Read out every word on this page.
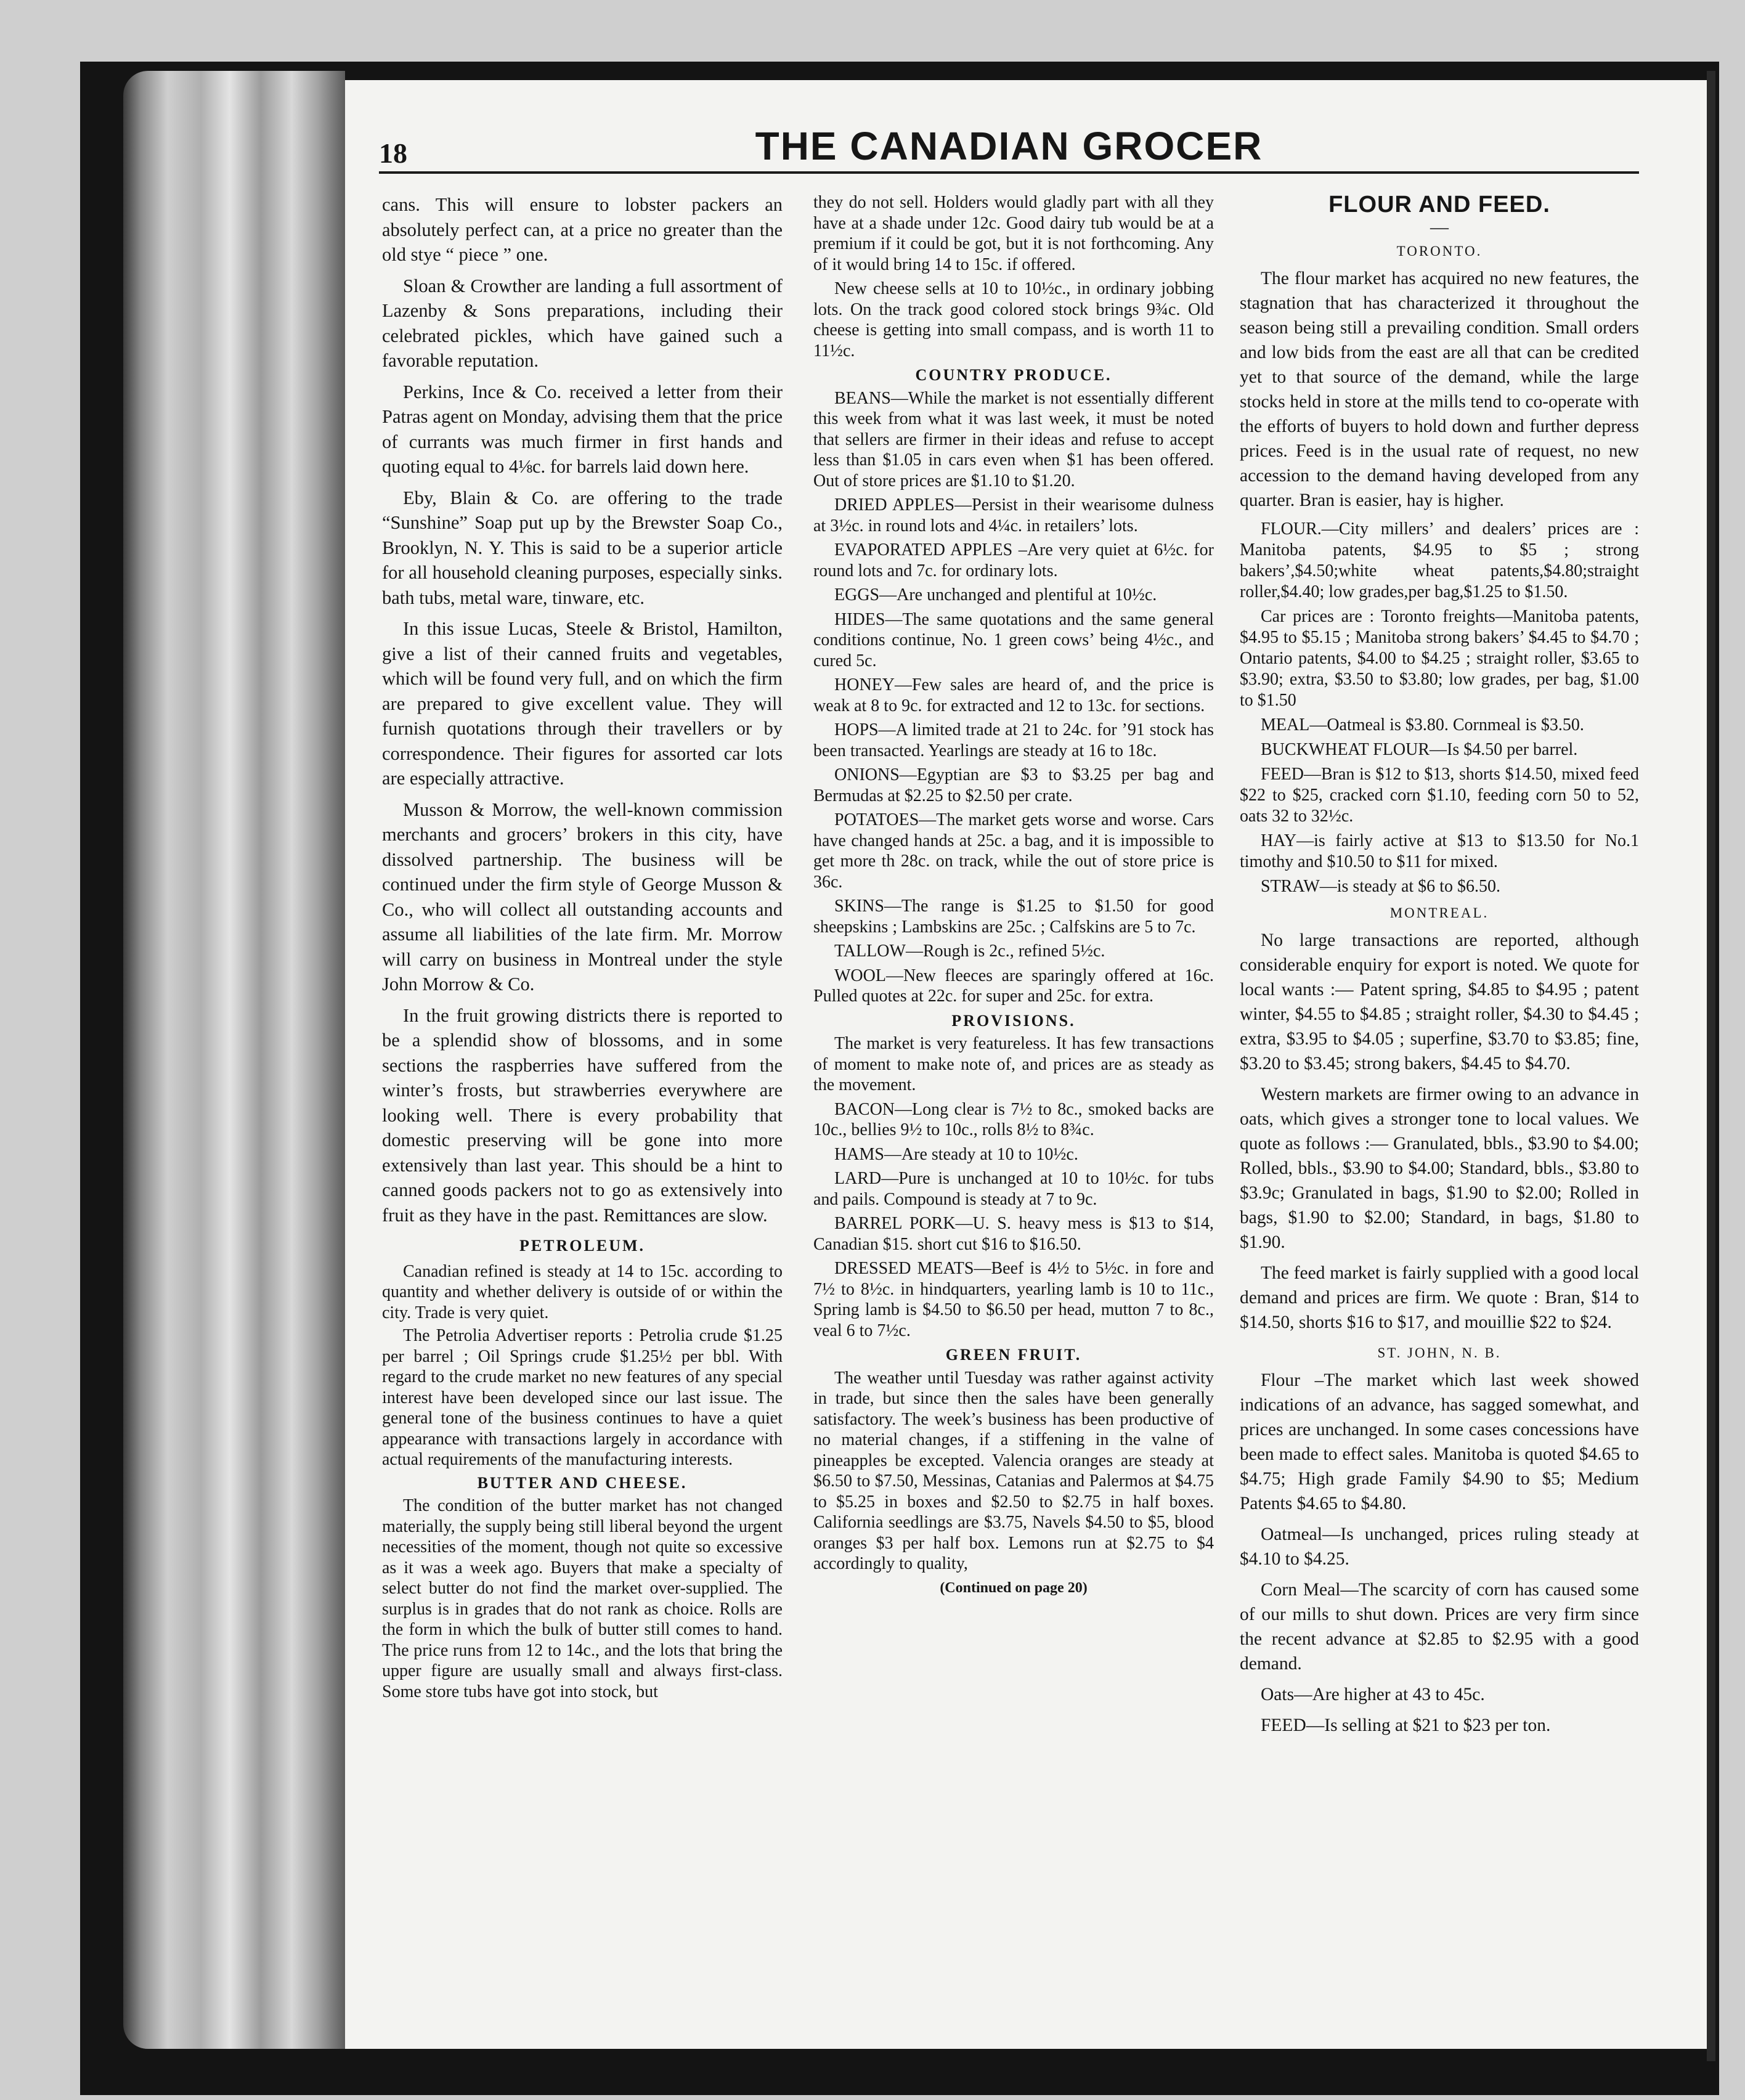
18	THE CANADIAN GROCER

cans. This will ensure to lobster packers an absolutely perfect can, at a price no greater than the old stye “ piece ” one.

Sloan & Crowther are landing a full assortment of Lazenby & Sons preparations, including their celebrated pickles, which have gained such a favorable reputation.

Perkins, Ince & Co. received a letter from their Patras agent on Monday, advising them that the price of currants was much firmer in first hands and quoting equal to 4⅛c. for barrels laid down here.

Eby, Blain & Co. are offering to the trade “Sunshine” Soap put up by the Brewster Soap Co., Brooklyn, N. Y. This is said to be a superior article for all household cleaning purposes, especially sinks. bath tubs, metal ware, tinware, etc.

In this issue Lucas, Steele & Bristol, Hamilton, give a list of their canned fruits and vegetables, which will be found very full, and on which the firm are prepared to give excellent value. They will furnish quotations through their travellers or by correspondence. Their figures for assorted car lots are especially attractive.

Musson & Morrow, the well-known commission merchants and grocers’ brokers in this city, have dissolved partnership. The business will be continued under the firm style of George Musson & Co., who will collect all outstanding accounts and assume all liabilities of the late firm. Mr. Morrow will carry on business in Montreal under the style John Morrow & Co.

In the fruit growing districts there is reported to be a splendid show of blossoms, and in some sections the raspberries have suffered from the winter’s frosts, but strawberries everywhere are looking well. There is every probability that domestic preserving will be gone into more extensively than last year. This should be a hint to canned goods packers not to go as extensively into fruit as they have in the past. Remittances are slow.

PETROLEUM.

Canadian refined is steady at 14 to 15c. according to quantity and whether delivery is outside of or within the city. Trade is very quiet.

The Petrolia Advertiser reports : Petrolia crude $1.25 per barrel ; Oil Springs crude $1.25½ per bbl. With regard to the crude market no new features of any special interest have been developed since our last issue. The general tone of the business continues to have a quiet appearance with transactions largely in accordance with actual requirements of the manufacturing interests.

BUTTER AND CHEESE.

The condition of the butter market has not changed materially, the supply being still liberal beyond the urgent necessities of the moment, though not quite so excessive as it was a week ago. Buyers that make a specialty of select butter do not find the market over-supplied. The surplus is in grades that do not rank as choice. Rolls are the form in which the bulk of butter still comes to hand. The price runs from 12 to 14c., and the lots that bring the upper figure are usually small and always first-class. Some store tubs have got into stock, but

they do not sell. Holders would gladly part with all they have at a shade under 12c. Good dairy tub would be at a premium if it could be got, but it is not forthcoming. Any of it would bring 14 to 15c. if offered.

New cheese sells at 10 to 10½c., in ordinary jobbing lots. On the track good colored stock brings 9¾c. Old cheese is getting into small compass, and is worth 11 to 11½c.

COUNTRY PRODUCE.

BEANS—While the market is not essentially different this week from what it was last week, it must be noted that sellers are firmer in their ideas and refuse to accept less than $1.05 in cars even when $1 has been offered. Out of store prices are $1.10 to $1.20.

DRIED APPLES—Persist in their wearisome dulness at 3½c. in round lots and 4¼c. in retailers’ lots.

EVAPORATED APPLES –Are very quiet at 6½c. for round lots and 7c. for ordinary lots.

EGGS—Are unchanged and plentiful at 10½c.

HIDES—The same quotations and the same general conditions continue, No. 1 green cows’ being 4½c., and cured 5c.

HONEY—Few sales are heard of, and the price is weak at 8 to 9c. for extracted and 12 to 13c. for sections.

HOPS—A limited trade at 21 to 24c. for ’91 stock has been transacted. Yearlings are steady at 16 to 18c.

ONIONS—Egyptian are $3 to $3.25 per bag and Bermudas at $2.25 to $2.50 per crate.

POTATOES—The market gets worse and worse. Cars have changed hands at 25c. a bag, and it is impossible to get more th 28c. on track, while the out of store price is 36c.

SKINS—The range is $1.25 to $1.50 for good sheepskins ; Lambskins are 25c. ; Calfskins are 5 to 7c.

TALLOW—Rough is 2c., refined 5½c.

WOOL—New fleeces are sparingly offered at 16c. Pulled quotes at 22c. for super and 25c. for extra.

PROVISIONS.

The market is very featureless. It has few transactions of moment to make note of, and prices are as steady as the movement.

BACON—Long clear is 7½ to 8c., smoked backs are 10c., bellies 9½ to 10c., rolls 8½ to 8¾c.

HAMS—Are steady at 10 to 10½c.

LARD—Pure is unchanged at 10 to 10½c. for tubs and pails. Compound is steady at 7 to 9c.

BARREL PORK—U. S. heavy mess is $13 to $14, Canadian $15. short cut $16 to $16.50.

DRESSED MEATS—Beef is 4½ to 5½c. in fore and 7½ to 8½c. in hindquarters, yearling lamb is 10 to 11c., Spring lamb is $4.50 to $6.50 per head, mutton 7 to 8c., veal 6 to 7½c.

GREEN FRUIT.

The weather until Tuesday was rather against activity in trade, but since then the sales have been generally satisfactory. The week’s business has been productive of no material changes, if a stiffening in the valne of pineapples be excepted. Valencia oranges are steady at $6.50 to $7.50, Messinas, Catanias and Palermos at $4.75 to $5.25 in boxes and $2.50 to $2.75 in half boxes. California seedlings are $3.75, Navels $4.50 to $5, blood oranges $3 per half box. Lemons run at $2.75 to $4 accordingly to quality,

(Continued on page 20)
FLOUR AND FEED.
—
TORONTO.

The flour market has acquired no new features, the stagnation that has characterized it throughout the season being still a prevailing condition. Small orders and low bids from the east are all that can be credited yet to that source of the demand, while the large stocks held in store at the mills tend to co-operate with the efforts of buyers to hold down and further depress prices. Feed is in the usual rate of request, no new accession to the demand having developed from any quarter. Bran is easier, hay is higher.

FLOUR.—City millers’ and dealers’ prices are : Manitoba patents, $4.95 to $5 ; strong bakers’,$4.50;white wheat patents,$4.80;straight roller,$4.40; low grades,per bag,$1.25 to $1.50.

Car prices are : Toronto freights—Manitoba patents, $4.95 to $5.15 ; Manitoba strong bakers’ $4.45 to $4.70 ; Ontario patents, $4.00 to $4.25 ; straight roller, $3.65 to $3.90; extra, $3.50 to $3.80; low grades, per bag, $1.00 to $1.50

MEAL—Oatmeal is $3.80. Cornmeal is $3.50.

BUCKWHEAT FLOUR—Is $4.50 per barrel.

FEED—Bran is $12 to $13, shorts $14.50, mixed feed $22 to $25, cracked corn $1.10, feeding corn 50 to 52, oats 32 to 32½c.

HAY—is fairly active at $13 to $13.50 for No.1 timothy and $10.50 to $11 for mixed.

STRAW—is steady at $6 to $6.50.

MONTREAL.

No large transactions are reported, although considerable enquiry for export is noted. We quote for local wants :— Patent spring, $4.85 to $4.95 ; patent winter, $4.55 to $4.85 ; straight roller, $4.30 to $4.45 ; extra, $3.95 to $4.05 ; superfine, $3.70 to $3.85; fine, $3.20 to $3.45; strong bakers, $4.45 to $4.70.

Western markets are firmer owing to an advance in oats, which gives a stronger tone to local values. We quote as follows :— Granulated, bbls., $3.90 to $4.00; Rolled, bbls., $3.90 to $4.00; Standard, bbls., $3.80 to $3.9c; Granulated in bags, $1.90 to $2.00; Rolled in bags, $1.90 to $2.00; Standard, in bags, $1.80 to $1.90.

The feed market is fairly supplied with a good local demand and prices are firm. We quote : Bran, $14 to $14.50, shorts $16 to $17, and mouillie $22 to $24.

ST. JOHN, N. B.

Flour –The market which last week showed indications of an advance, has sagged somewhat, and prices are unchanged. In some cases concessions have been made to effect sales. Manitoba is quoted $4.65 to $4.75; High grade Family $4.90 to $5; Medium Patents $4.65 to $4.80.

Oatmeal—Is unchanged, prices ruling steady at $4.10 to $4.25.

Corn Meal—The scarcity of corn has caused some of our mills to shut down. Prices are very firm since the recent advance at $2.85 to $2.95 with a good demand.

Oats—Are higher at 43 to 45c.

FEED—Is selling at $21 to $23 per ton.
